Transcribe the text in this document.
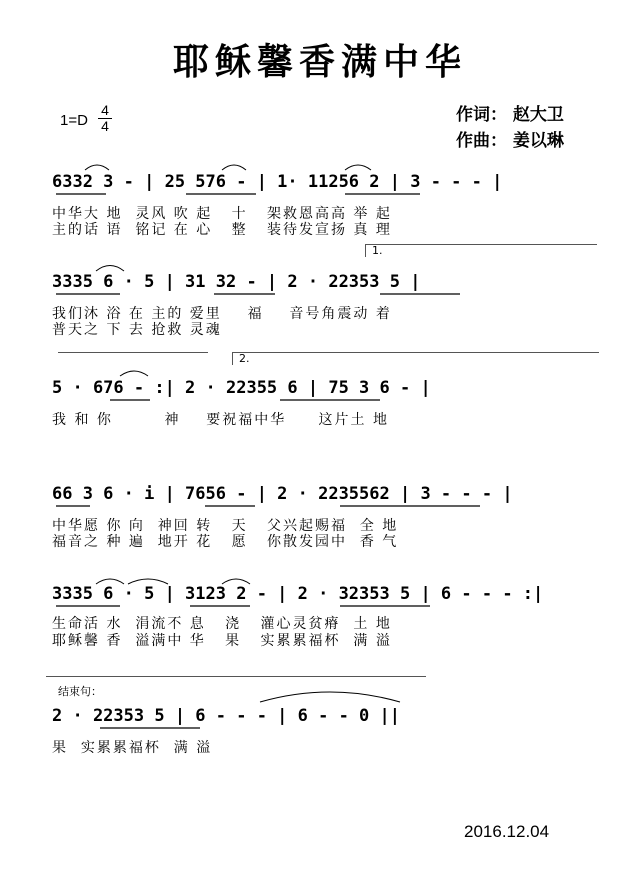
耶稣馨香满中华
$1=D \frac{4}{4}$	作词： 赵大卫
作曲： 姜以琳
6332 3 - | 25 576 - | 1· 11256 2 | 3 - - - |
中华大 地  灵风 吹 起   十   架救恩高高 举 起
主的话 语  铭记 在 心   整   装待发宣扬 真 理
1.
3335 6 · 5 | 31 32 - | 2 · 22353 5 |
我们沐 浴 在 主的 爱里    福    音号角震动 着
普天之 下 去 抢救 灵魂
2.
5 · 676 - :| 2 · 22355 6 | 75 3 6 - |
我 和 你        神    要祝福中华     这片土 地
66 3 6 · i | 7656 - | 2 · 2235562 | 3 - - - |
中华愿 你 向  神回 转   天   父兴起赐福  全 地
福音之 种 遍  地开 花   愿   你散发园中  香 气
3335 6 · 5 | 3123 2 - | 2 · 32353 5 | 6 - - - :|
生命活 水  涓流不 息   浇   灌心灵贫瘠  土 地
耶稣馨 香  溢满中 华   果   实累累福杯  满 溢
结束句：
2 · 22353 5 | 6 - - - | 6 - - 0 ||
果  实累累福杯  满 溢
2016.12.04
